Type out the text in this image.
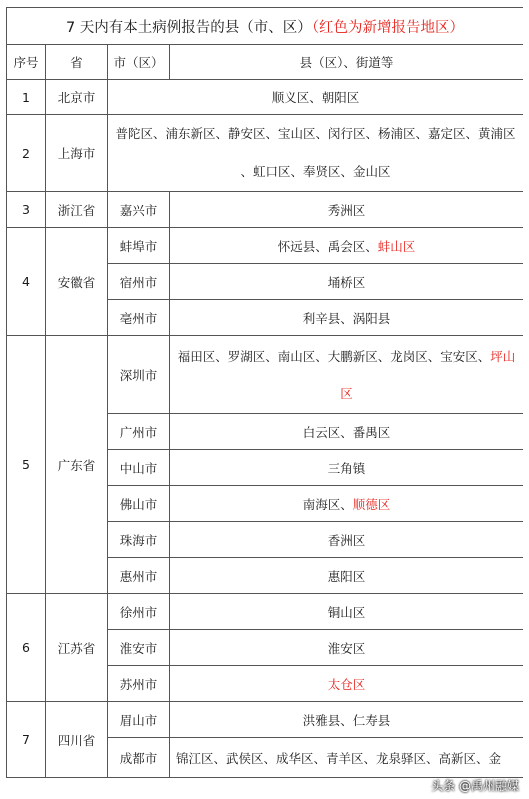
7 天内有本土病例报告的县（市、区）（红色为新增报告地区）			
序号	省	市（区）	县（区）、街道等
1	北京市	顺义区、朝阳区	
2	上海市	普陀区、浦东新区、静安区、宝山区、闵行区、杨浦区、嘉定区、黄浦区 、虹口区、奉贤区、金山区	
3	浙江省	嘉兴市	秀洲区
4	安徽省	蚌埠市	怀远县、禹会区、蚌山区
		宿州市	埇桥区
		亳州市	利辛县、涡阳县
5	广东省	深圳市	福田区、罗湖区、南山区、大鹏新区、龙岗区、宝安区、坪山区
		广州市	白云区、番禺区
		中山市	三角镇
		佛山市	南海区、顺德区
		珠海市	香洲区
		惠州市	惠阳区
6	江苏省	徐州市	铜山区
		淮安市	淮安区
		苏州市	太仓区
7	四川省	眉山市	洪雅县、仁寿县
		成都市	锦江区、武侯区、成华区、青羊区、龙泉驿区、高新区、金
头条 @禹州融媒
